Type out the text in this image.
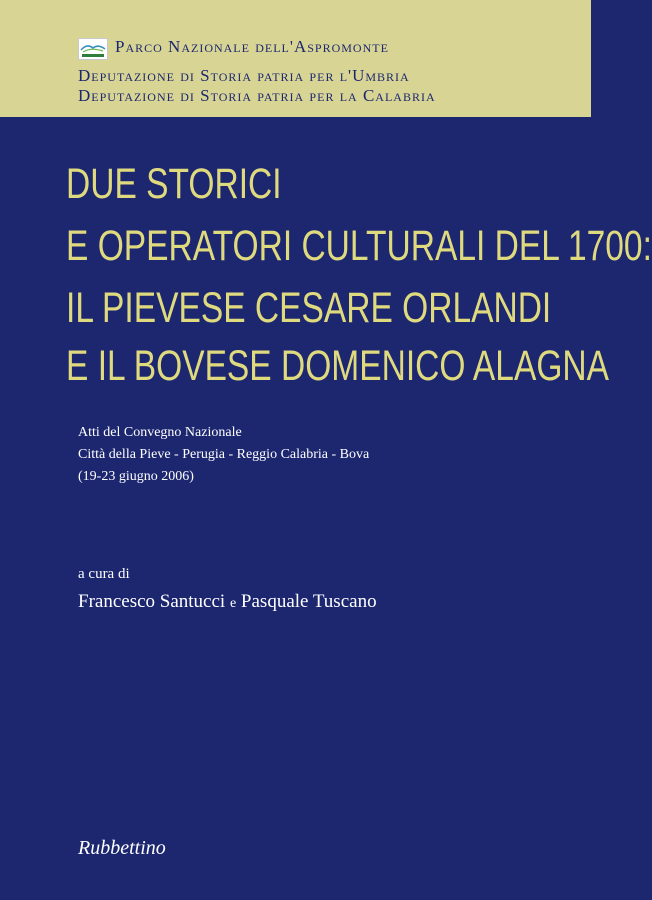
Parco Nazionale dell'Aspromonte
Deputazione di Storia patria per l'Umbria
Deputazione di Storia patria per la Calabria
DUE STORICI
E OPERATORI CULTURALI DEL 1700:
IL PIEVESE CESARE ORLANDI
E IL BOVESE DOMENICO ALAGNA
Atti del Convegno Nazionale
Città della Pieve - Perugia - Reggio Calabria - Bova
(19-23 giugno 2006)
a cura di
Francesco Santucci e Pasquale Tuscano
Rubbettino
